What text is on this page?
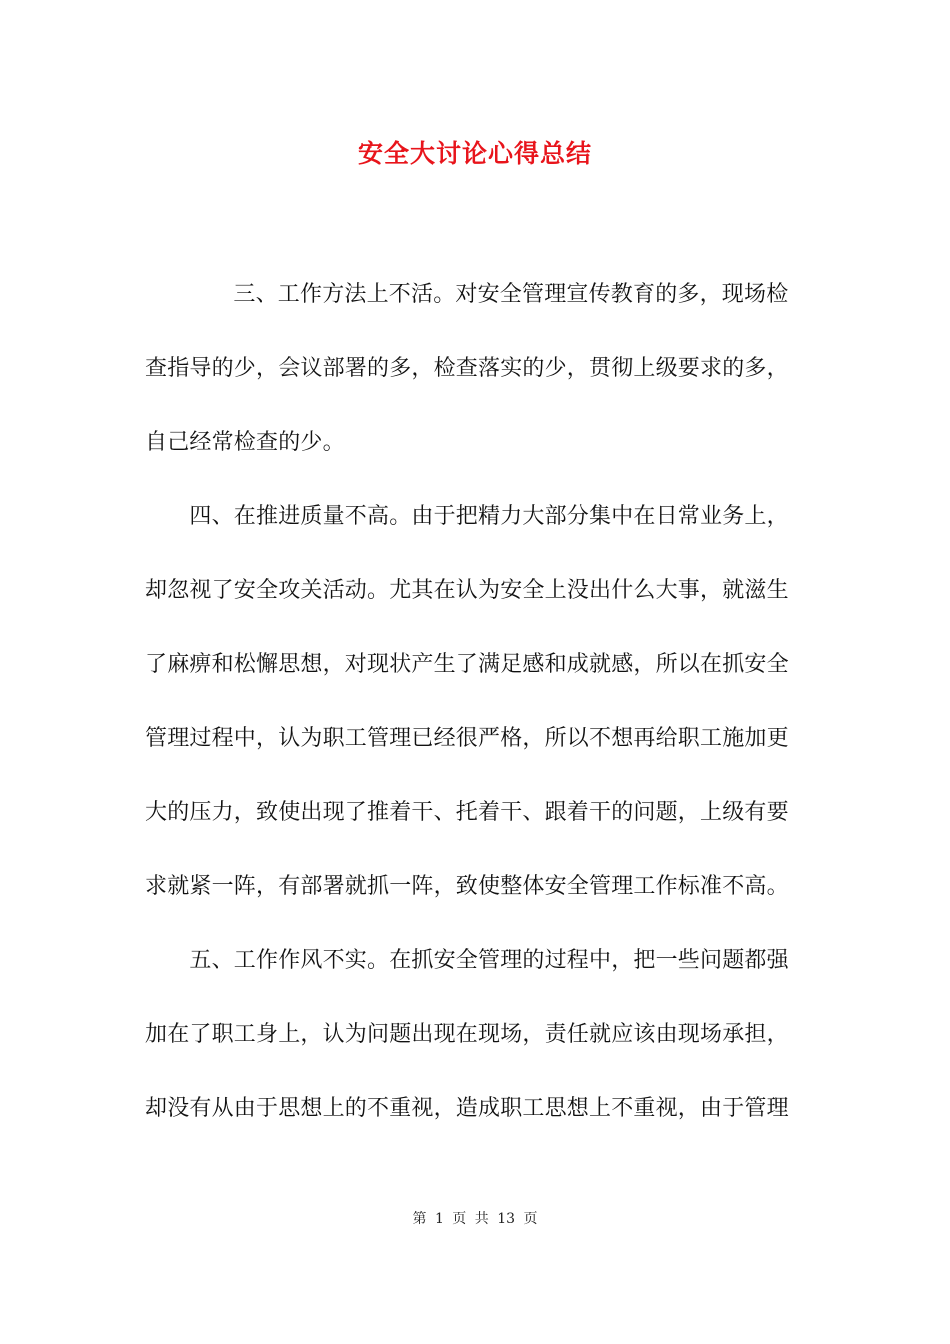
安全大讨论心得总结
　　三、工作方法上不活。对安全管理宣传教育的多，现场检
查指导的少，会议部署的多，检查落实的少，贯彻上级要求的多，
自己经常检查的少。
　　四、在推进质量不高。由于把精力大部分集中在日常业务上，
却忽视了安全攻关活动。尤其在认为安全上没出什么大事，就滋生
了麻痹和松懈思想，对现状产生了满足感和成就感，所以在抓安全
管理过程中，认为职工管理已经很严格，所以不想再给职工施加更
大的压力，致使出现了推着干、托着干、跟着干的问题，上级有要
求就紧一阵，有部署就抓一阵，致使整体安全管理工作标准不高。
　　五、工作作风不实。在抓安全管理的过程中，把一些问题都强
加在了职工身上，认为问题出现在现场，责任就应该由现场承担，
却没有从由于思想上的不重视，造成职工思想上不重视，由于管理
第 1 页 共 13 页
